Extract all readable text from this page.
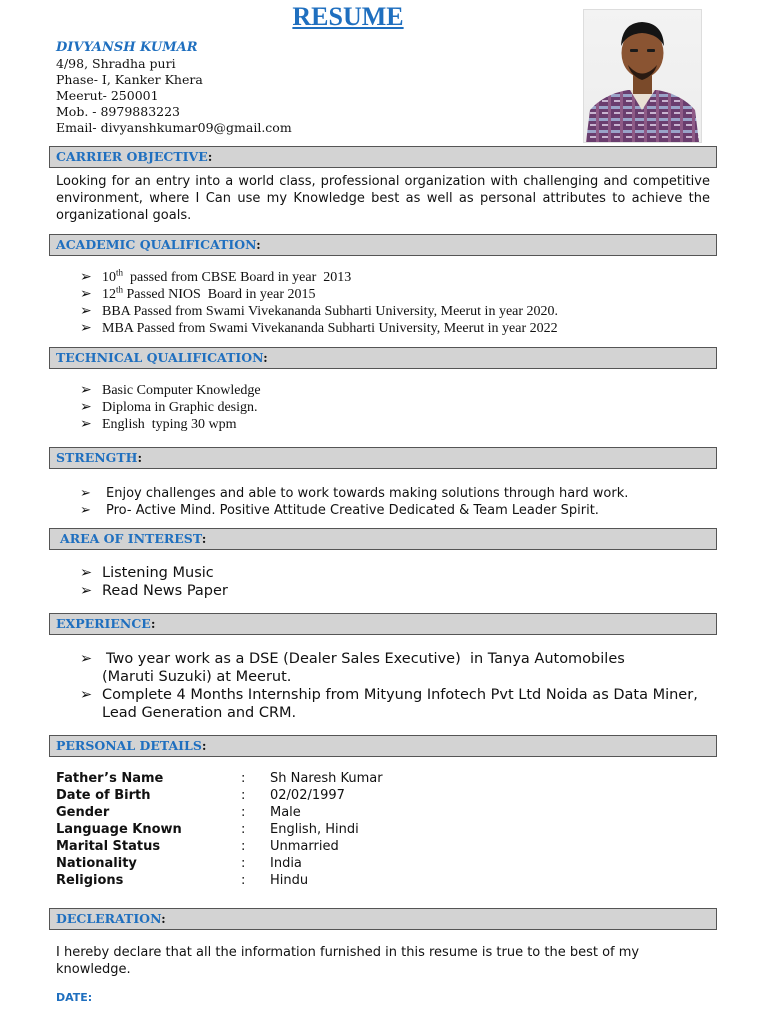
RESUME
DIVYANSH KUMAR
4/98, Shradha puri
Phase- I, Kanker Khera
Meerut- 250001
Mob. - 8979883223
Email- divyanshkumar09@gmail.com
CARRIER OBJECTIVE:
Looking for an entry into a world class, professional organization with challenging and competitive environment, where I Can use my Knowledge best as well as personal attributes to achieve the organizational goals.
ACADEMIC QUALIFICATION:
➢ 10th  passed from CBSE Board in year  2013
➢ 12th Passed NIOS  Board in year 2015
➢ BBA Passed from Swami Vivekananda Subharti University, Meerut in year 2020.
➢ MBA Passed from Swami Vivekananda Subharti University, Meerut in year 2022
TECHNICAL QUALIFICATION:
➢ Basic Computer Knowledge
➢ Diploma in Graphic design.
➢ English  typing 30 wpm
STRENGTH:
➢ Enjoy challenges and able to work towards making solutions through hard work.
➢ Pro- Active Mind. Positive Attitude Creative Dedicated & Team Leader Spirit.
AREA OF INTEREST:
➢ Listening Music
➢ Read News Paper
EXPERIENCE:
➢ Two year work as a DSE (Dealer Sales Executive)  in Tanya Automobiles
(Maruti Suzuki) at Meerut.
➢ Complete 4 Months Internship from Mityung Infotech Pvt Ltd Noida as Data Miner,
Lead Generation and CRM.
PERSONAL DETAILS:
Father’s Name	: Sh Naresh Kumar
Date of Birth	: 02/02/1997
Gender	: Male
Language Known	: English, Hindi
Marital Status	: Unmarried
Nationality	: India
Religions	: Hindu
DECLERATION:
I hereby declare that all the information furnished in this resume is true to the best of my knowledge.
DATE:
